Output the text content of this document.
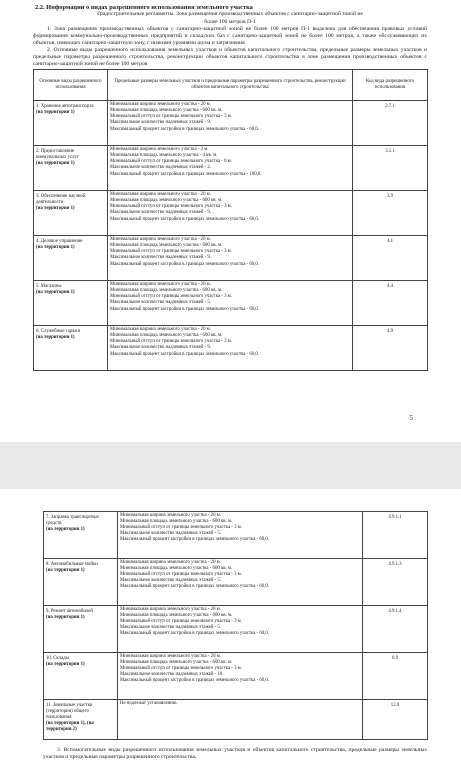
2.2. Информации о видах разрешенного использования земельного участка

Градостроительные регламенты. Зона размещения производственных объектов с санитарно-защитной зоной не

более 100 метров П-1

1. Зона размещения производственных объектов с санитарно-защитной зоной не более 100 метров П-1 выделена для обеспечения правовых условий формирования коммунально-производственных предприятий и складских баз с санитарно-защитной зоной не более 100 метров, а также обслуживающих их объектов, имеющих санитарно-защитную зону, с низкими уровнями шума и загрязнения.

2. Основные виды разрешенного использования земельных участков и объектов капитального строительства, предельные размеры земельных участков и предельные параметры разрешенного строительства, реконструкции объектов капитального строительства в зоне размещения производственных объектов с санитарно-защитной зоной не более 100 метров

Основные виды разрешенного использования	Предельные размеры земельных участков и предельные параметры разрешенного строительства, реконструкции объектов капитального строительства	Код вида разрешенного использования
1. Хранение автотранспорта
(на территории 1)	Минимальная ширина земельного участка - 20 м.
Минимальная площадь земельного участка - 600 кв. м.
Минимальный отступ от границы земельного участка - 3 м.
Максимальное количество надземных этажей - 9.
Максимальный процент застройки в границах земельного участка - 60,0.	2.7.1
2. Предоставление коммунальных услуг
(на территории 1)	Минимальная ширина земельного участка - 2 м.
Минимальная площадь земельного участка - 4 кв. м.
Минимальный отступ от границы земельного участка - 0 м.
Максимальное количество надземных этажей - 2.
Максимальный процент застройки в границах земельного участка - 100,0.	3.1.1
3. Обеспечение научной деятельности
(на территории 1)	Минимальная ширина земельного участка - 20 м.
Минимальная площадь земельного участка - 600 кв. м.
Минимальный отступ от границы земельного участка - 3 м.
Максимальное количество надземных этажей - 9.
Максимальный процент застройки в границах земельного участка - 60,0.	3.9
4. Деловое управление
(на территории 1)	Минимальная ширина земельного участка - 20 м.
Минимальная площадь земельного участка - 600 кв. м.
Минимальный отступ от границы земельного участка - 3 м.
Максимальное количество надземных этажей - 9.
Максимальный процент застройки в границах земельного участка - 60,0.	4.1
5. Магазины
(на территории 1)	Минимальная ширина земельного участка - 20 м.
Минимальная площадь земельного участка - 600 кв. м.
Минимальный отступ от границы земельного участка - 3 м.
Максимальное количество надземных этажей - 5.
Максимальный процент застройки в границах земельного участка - 60,0.	4.4
6. Служебные гаражи
(на территории 1)	Минимальная ширина земельного участка - 20 м.
Минимальная площадь земельного участка - 600 кв. м.
Минимальный отступ от границы земельного участка - 3 м.
Максимальное количество надземных этажей - 9.
Максимальный процент застройки в границах земельного участка - 60,0.	4.9
5
7. Заправка транспортных средств
(на территории 1)	Минимальная ширина земельного участка - 20 м.
Минимальная площадь земельного участка - 600 кв. м.
Минимальный отступ от границы земельного участка - 3 м.
Максимальное количество надземных этажей - 5.
Максимальный процент застройки в границах земельного участка - 60,0.	4.9.1.1
8. Автомобильные мойки
(на территории 1)	Минимальная ширина земельного участка - 20 м.
Минимальная площадь земельного участка - 600 кв. м.
Минимальный отступ от границы земельного участка - 3 м.
Максимальное количество надземных этажей - 5.
Максимальный процент застройки в границах земельного участка - 60,0.	4.9.1.3
9. Ремонт автомобилей
(на территории 1)	Минимальная ширина земельного участка - 20 м.
Минимальная площадь земельного участка - 600 кв. м.
Минимальный отступ от границы земельного участка - 3 м.
Максимальное количество надземных этажей - 5.
Максимальный процент застройки в границах земельного участка - 60,0.	4.9.1.4
10. Склады
(на территории 1)	Минимальная ширина земельного участка - 20 м.
Минимальная площадь земельного участка - 600 кв. м.
Минимальный отступ от границы земельного участка - 3 м.
Максимальное количество надземных этажей - 10.
Максимальный процент застройки в границах земельного участка - 60,0.	6.9
11. Земельные участки (территории) общего пользования
(на территории 1), (на территории 2)	Не подлежат установлению.	12.0

3. Вспомогательные виды разрешенного использования земельных участков и объектов капитального строительства, предельные размеры земельных участков и предельные параметры разрешенного строительства,
